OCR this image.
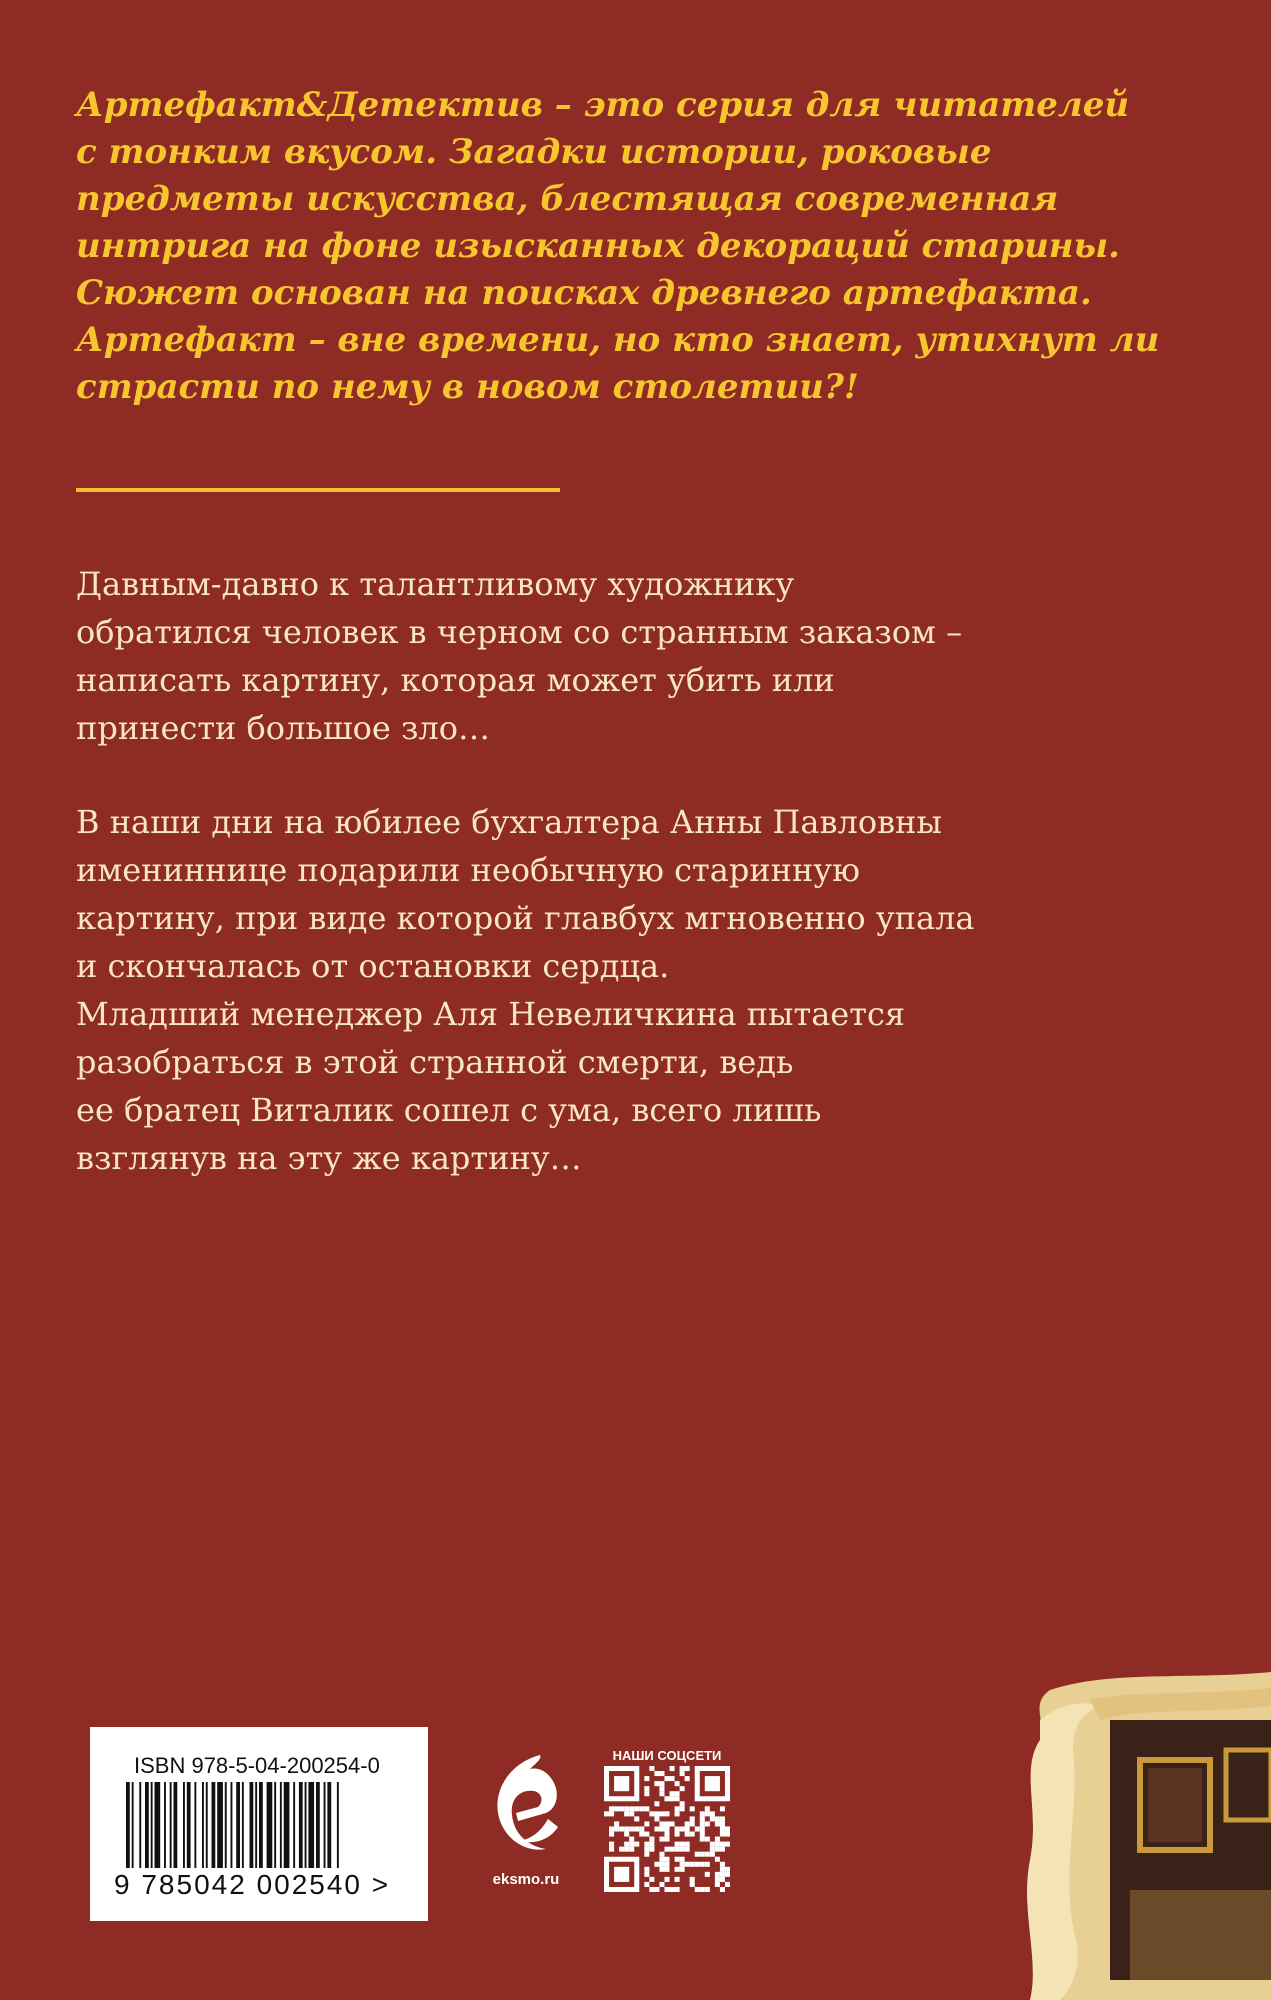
Артефакт&Детектив – это серия для читателей
с тонким вкусом. Загадки истории, роковые
предметы искусства, блестящая современная
интрига на фоне изысканных декораций старины.
Сюжет основан на поисках древнего артефакта.
Артефакт – вне времени, но кто знает, утихнут ли
страсти по нему в новом столетии?!
Давным-давно к талантливому художнику
обратился человек в черном со странным заказом –
написать картину, которая может убить или
принести большое зло…
В наши дни на юбилее бухгалтера Анны Павловны
имениннице подарили необычную старинную
картину, при виде которой главбух мгновенно упала
и скончалась от остановки сердца.
Младший менеджер Аля Невеличкина пытается
разобраться в этой странной смерти, ведь
ее братец Виталик сошел с ума, всего лишь
взглянув на эту же картину…
ISBN 978-5-04-200254-0
9 785042 002540 >	eksmo.ru
НАШИ СОЦСЕТИ
